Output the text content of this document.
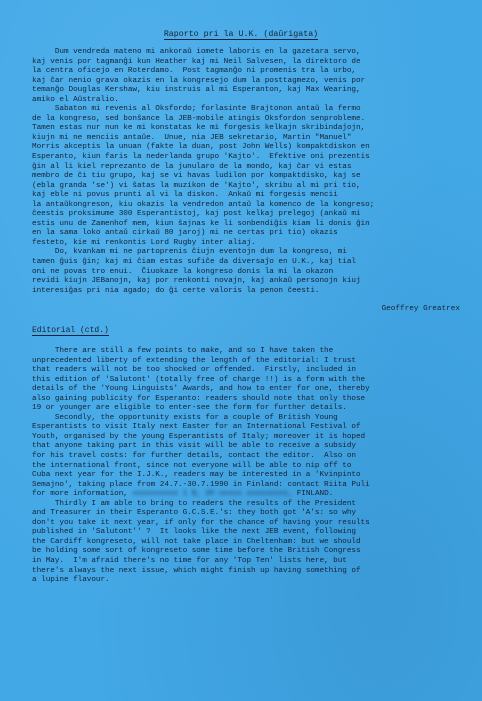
Raporto pri la U.K. (daŭrigata)
Dum vendreda mateno mi ankoraŭ iomete laboris en la gazetara servo,
kaj venis por tagmanĝi kun Heather kaj mi Neil Salvesen, la direktoro de
la centra oficejo en Roterdamo.  Post tagmanĝo ni promenis tra la urbo,
kaj ĉar nenio grava okazis en la kongresejo dum la posttagmezo, venis por
temanĝo Douglas Kershaw, kiu instruis al mi Esperanton, kaj Max Wearing,
amiko el Aŭstralio.
Sabaton mi revenis al Oksfordo; forlasinte Brajtonon antaŭ la fermo
de la kongreso, sed bonŝance la JEB-mobile atingis Oksfordon senprobleme.
Tamen estas nur nun ke mi konstatas ke mi forgesis kelkajn skribindaĵojn,
kiujn mi ne menciis antaŭe.  Unue, nia JEB sekretario, Martin "Manuel"
Morris akceptis la unuan (fakte la duan, post John Wells) kompaktdiskon en
Esperanto, kiun faris la nederlanda grupo 'Kajto'.  Efektive oni prezentis
ĝin al li kiel reprezanto de la junularo de la mondo, kaj ĉar vi estas
membro de ĉi tiu grupo, kaj se vi havas ludilon por kompaktdisko, kaj se
(ebla granda 'se') vi ŝatas la muzikon de 'Kajto', skribu al mi pri tio,
kaj eble ni povus prunti al vi la diskon.  Ankaŭ mi forgesis mencii
la antaŭkongreson, kiu okazis la vendredon antaŭ la komenco de la kongreso;
ĉeestis proksimume 300 Esperantistoj, kaj post kelkaj prelegoj (ankaŭ mi
estis unu de Zamenhof mem, kiun ŝajnas ke li sonbendiĝis kiam li donis ĝin
en la sama loko antaŭ cirkaŭ 80 jaroj) mi ne certas pri tio) okazis
festeto, kie mi renkontis Lord Rugby inter aliaj.
Do, kvankam mi ne partoprenis ĉiujn eventojn dum la kongreso, mi
tamen ĝuis ĝin; kaj mi ĉiam estas sufiĉe da diversaĵo en U.K., kaj tial
oni ne povas tro enui.  Ĉiuokaze la kongreso donis la mi la okazon
revidi kiujn JEBanojn, kaj por renkonti novajn, kaj ankaŭ personojn kiuj
interesiĝas pri nia agado; do ĝi certe valoris la penon ĉeesti.
Geoffrey Greatrex
Editorial (ctd.)
There are still a few points to make, and so I have taken the
unprecedented liberty of extending the length of the editorial: I trust
that readers will not be too shocked or offended.  Firstly, included in
this edition of 'Salutont' (totally free of charge !!) is a form with the
details of the 'Young Linguists' Awards, and how to enter for one, thereby
also gaining publicity for Esperanto: readers should note that only those
19 or younger are eligible to enter-see the form for further details.
Secondly, the opportunity exists for a couple of British Young
Esperantists to visit Italy next Easter for an International Festival of
Youth, organised by the young Esperantists of Italy; moreover it is hoped
that anyone taking part in this visit will be able to receive a subsidy
for his travel costs: for further details, contact the editor.  Also on
the international front, since not everyone will be able to nip off to
Cuba next year for the I.J.K., readers may be interested in a 'Kvinpinto
Semajno', taking place from 24.7.-30.7.1990 in Finland: contact Riita Puli
for more information, xxxxxxxxxx 1 B, SF-xxxxx xxxxxxxxx, FINLAND.
Thirdly I am able to bring to readers the results of the President
and Treasurer in their Esperanto G.C.S.E.'s: they both got 'A's: so why
don't you take it next year, if only for the chance of having your results
published in 'Salutont'' ?  It looks like the next JEB event, following
the Cardiff kongreseto, will not take place in Cheltenham: but we should
be holding some sort of kongreseto some time before the British Congress
in May.  I'm afraid there's no time for any 'Top Ten' lists here, but
there's always the next issue, which might finish up having something of
a lupine flavour.
